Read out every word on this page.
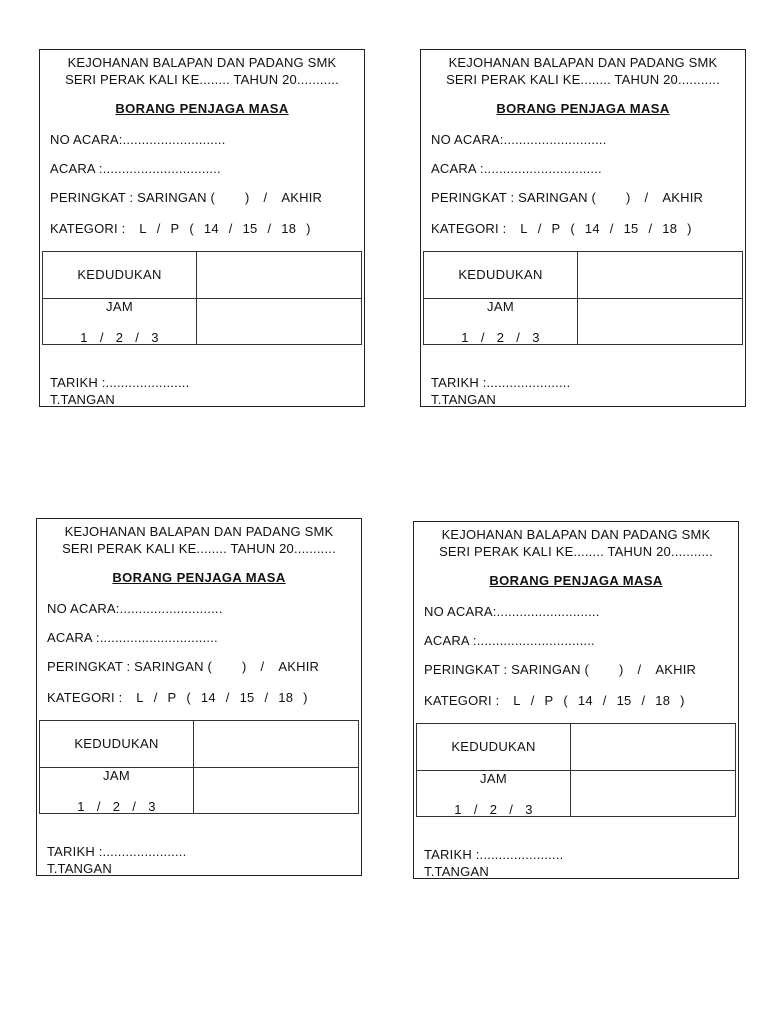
KEJOHANAN BALAPAN DAN PADANG SMK
SERI PERAK KALI KE........ TAHUN 20...........
BORANG PENJAGA MASA
NO ACARA:...........................
ACARA :...............................
PERINGKAT : SARINGAN ( ) / AKHIR
KATEGORI : L / P ( 14 / 15 / 18 )
KEDUDUKAN
JAM
1 / 2 / 3
TARIKH :......................
T.TANGAN
KEJOHANAN BALAPAN DAN PADANG SMK
SERI PERAK KALI KE........ TAHUN 20...........
BORANG PENJAGA MASA
NO ACARA:...........................
ACARA :...............................
PERINGKAT : SARINGAN ( ) / AKHIR
KATEGORI : L / P ( 14 / 15 / 18 )
KEDUDUKAN
JAM
1 / 2 / 3
TARIKH :......................
T.TANGAN
KEJOHANAN BALAPAN DAN PADANG SMK
SERI PERAK KALI KE........ TAHUN 20...........
BORANG PENJAGA MASA
NO ACARA:...........................
ACARA :...............................
PERINGKAT : SARINGAN ( ) / AKHIR
KATEGORI : L / P ( 14 / 15 / 18 )
KEDUDUKAN
JAM
1 / 2 / 3
TARIKH :......................
T.TANGAN
KEJOHANAN BALAPAN DAN PADANG SMK
SERI PERAK KALI KE........ TAHUN 20...........
BORANG PENJAGA MASA
NO ACARA:...........................
ACARA :...............................
PERINGKAT : SARINGAN ( ) / AKHIR
KATEGORI : L / P ( 14 / 15 / 18 )
KEDUDUKAN
JAM
1 / 2 / 3
TARIKH :......................
T.TANGAN
